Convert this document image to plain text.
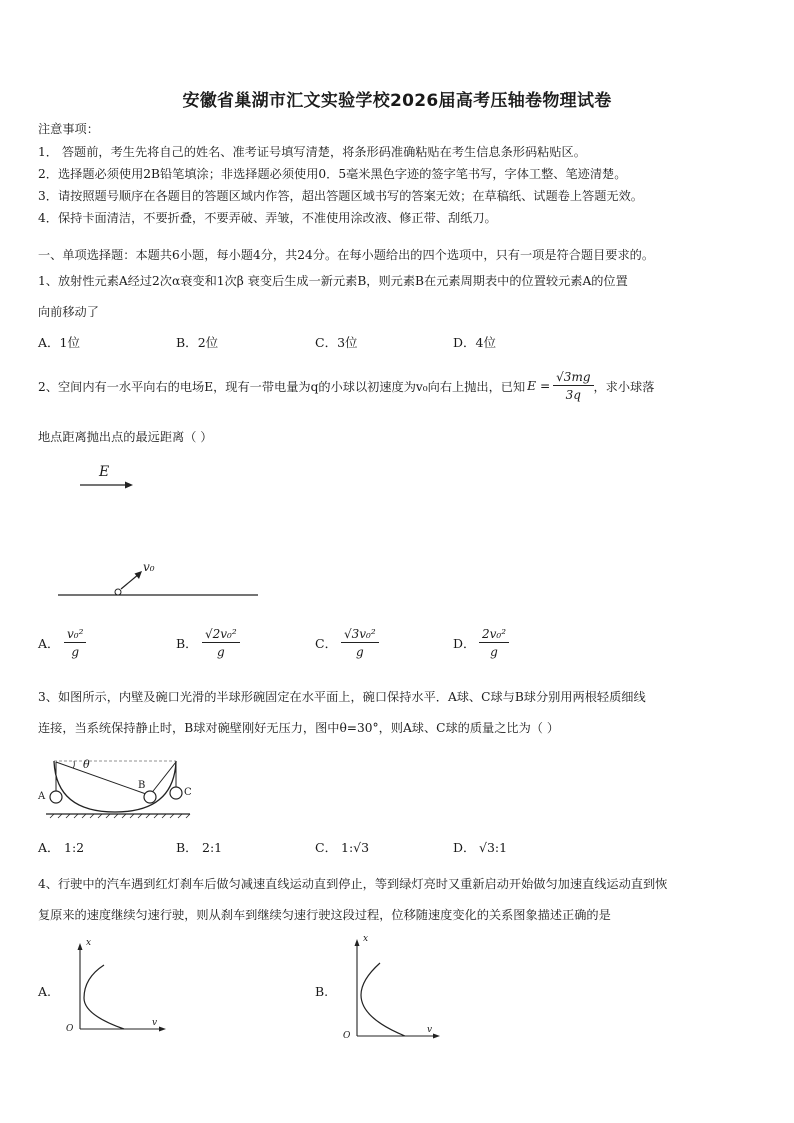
安徽省巢湖市汇文实验学校2026届高考压轴卷物理试卷
注意事项：
1． 答题前，考生先将自己的姓名、准考证号填写清楚，将条形码准确粘贴在考生信息条形码粘贴区。
2．选择题必须使用2B铅笔填涂；非选择题必须使用0．5毫米黑色字迹的签字笔书写，字体工整、笔迹清楚。
3．请按照题号顺序在各题目的答题区域内作答，超出答题区域书写的答案无效；在草稿纸、试题卷上答题无效。
4．保持卡面清洁，不要折叠，不要弄破、弄皱，不准使用涂改液、修正带、刮纸刀。
一、单项选择题：本题共6小题，每小题4分，共24分。在每小题给出的四个选项中，只有一项是符合题目要求的。
1、放射性元素A经过2次α衰变和1次β 衰变后生成一新元素B，则元素B在元素周期表中的位置较元素A的位置
向前移动了
A．1位	B．2位	C．3位	D．4位
2、空间内有一水平向右的电场E，现有一带电量为q的小球以初速度为v₀向右上抛出，已知 $E = \frac{√3mg}{3q}$ ，求小球落
地点距离抛出点的最远距离（ ）
E
v₀
A． $\frac{\text{v₀²}}{g}$	B． $\frac{\text{√2v₀²}}{g}$	C． $\frac{\text{√3v₀²}}{g}$	D． $\frac{\text{2v₀²}}{g}$
3、如图所示，内壁及碗口光滑的半球形碗固定在水平面上，碗口保持水平．A球、C球与B球分别用两根轻质细线
连接，当系统保持静止时，B球对碗壁刚好无压力，图中θ=30°，则A球、C球的质量之比为（ ）
A
B
C
θ
A． 1:2	B． 2:1	C． 1:√3	D． √3:1
4、行驶中的汽车遇到红灯刹车后做匀减速直线运动直到停止，等到绿灯亮时又重新启动开始做匀加速直线运动直到恢
复原来的速度继续匀速行驶，则从刹车到继续匀速行驶这段过程，位移随速度变化的关系图象描述正确的是
x
v
O
x
v
O
A.	B.
